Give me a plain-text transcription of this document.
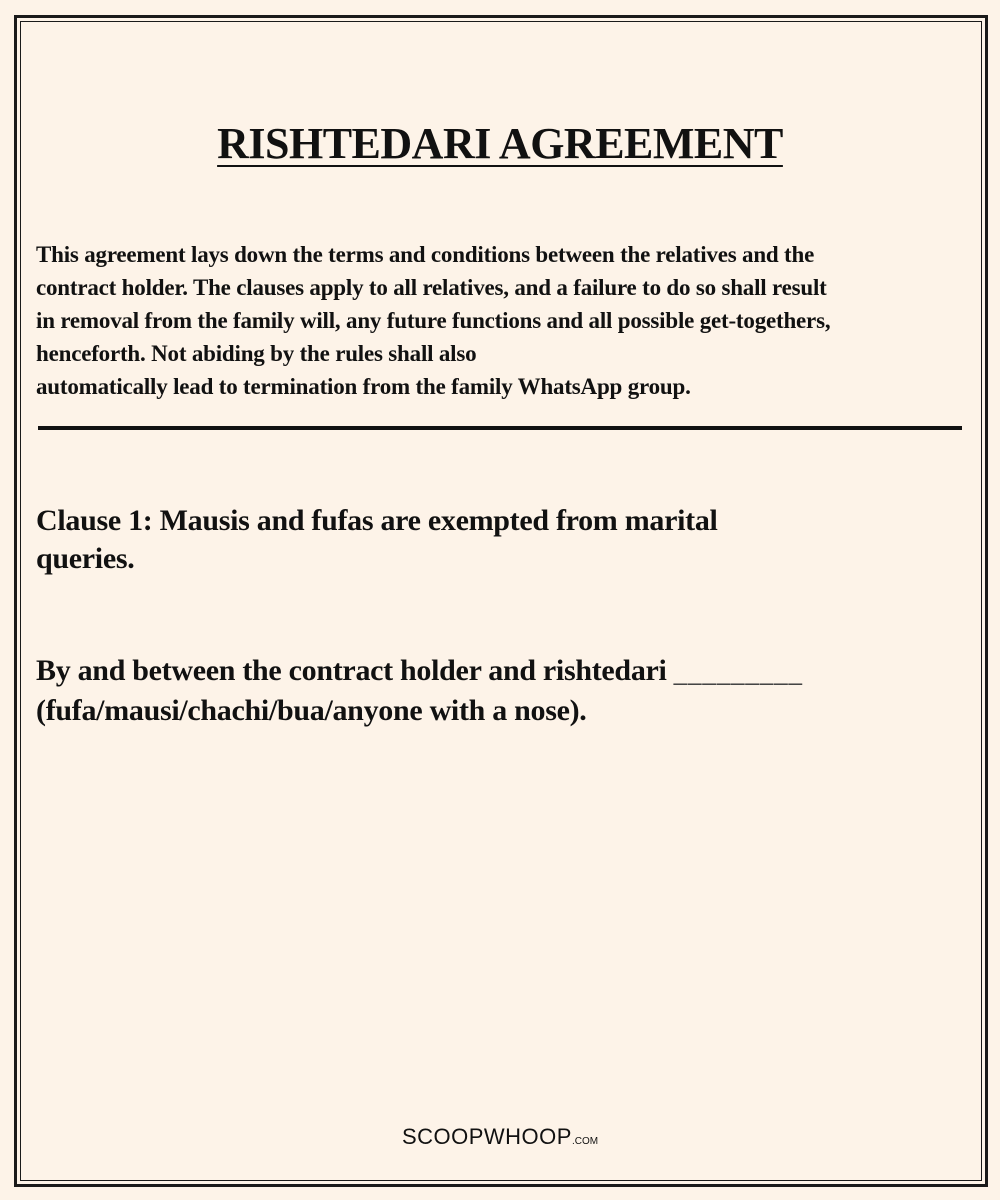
RISHTEDARI AGREEMENT

This agreement lays down the terms and conditions between the relatives and the
contract holder. The clauses apply to all relatives, and a failure to do so shall result
in removal from the family will, any future functions and all possible get-togethers,
henceforth. Not abiding by the rules shall also
automatically lead to termination from the family WhatsApp group.

Clause 1: Mausis and fufas are exempted from marital
queries.

By and between the contract holder and rishtedari _________
(fufa/mausi/chachi/bua/anyone with a nose).

SCOOPWHOOP.COM
